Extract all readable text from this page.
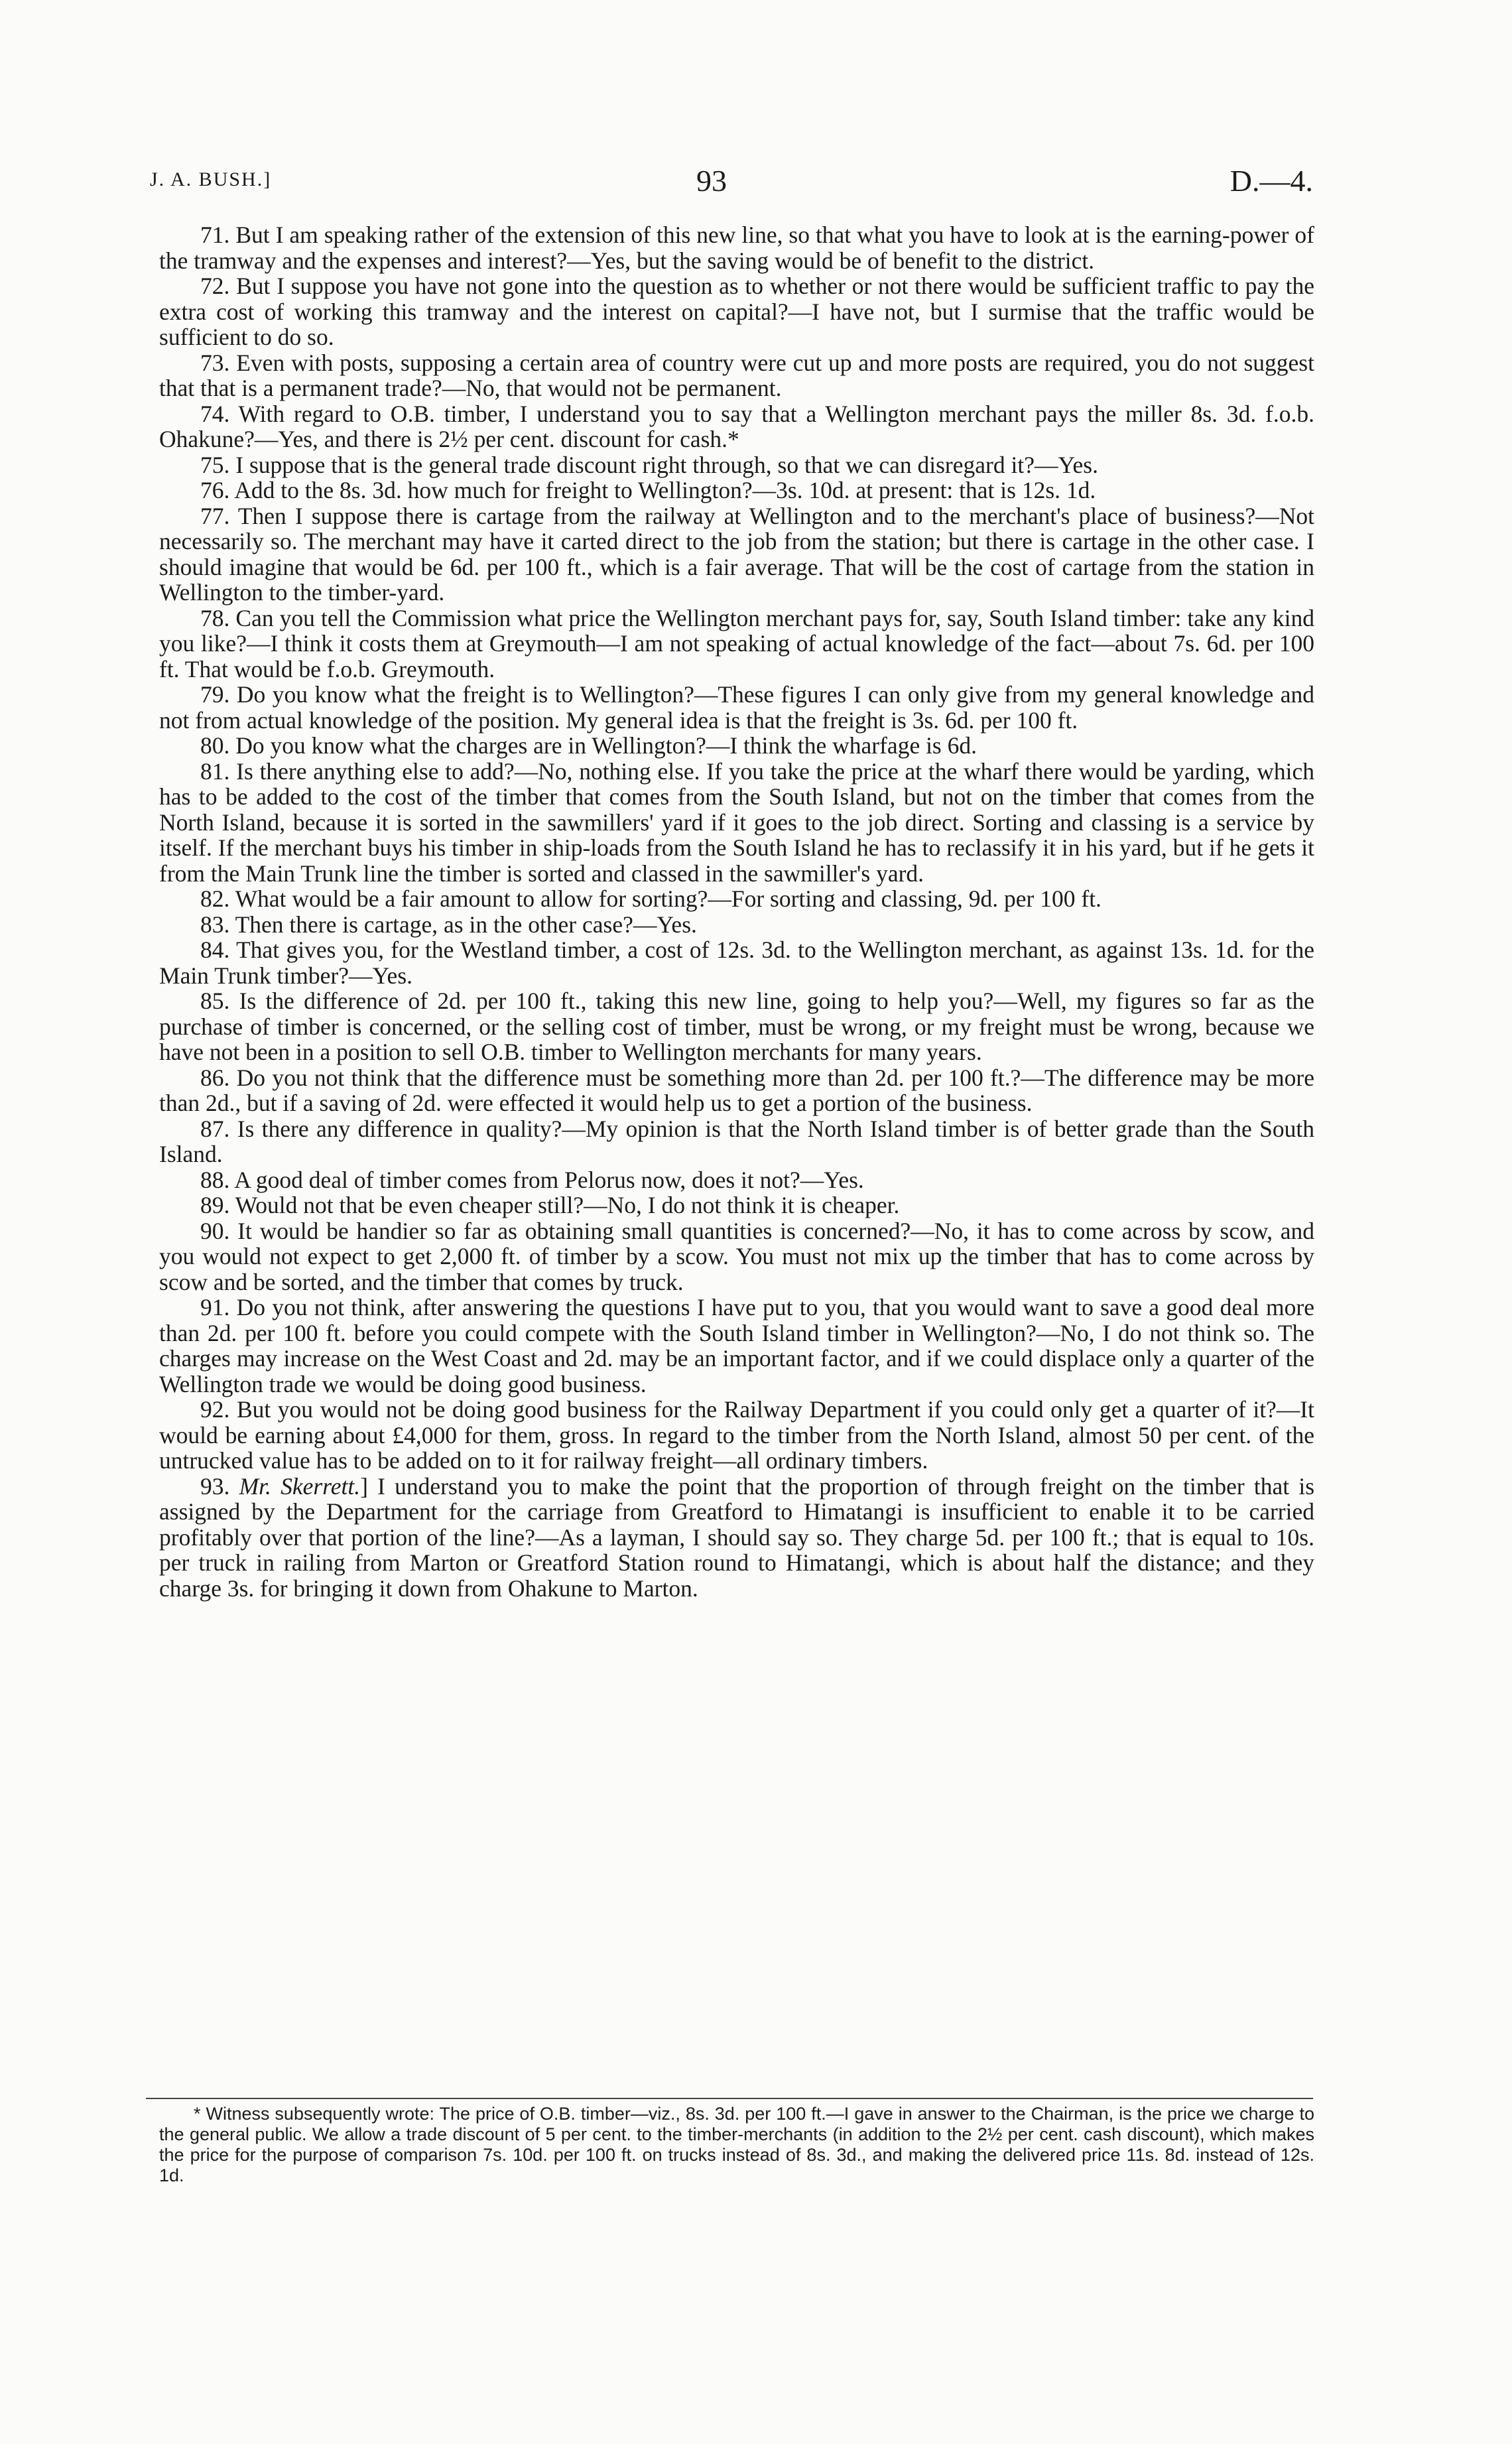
J. A. BUSH.]	93	D.—4.

71. But I am speaking rather of the extension of this new line, so that what you have to look at is the earning-power of the tramway and the expenses and interest?—Yes, but the saving would be of benefit to the district.

72. But I suppose you have not gone into the question as to whether or not there would be sufficient traffic to pay the extra cost of working this tramway and the interest on capital?—I have not, but I surmise that the traffic would be sufficient to do so.

73. Even with posts, supposing a certain area of country were cut up and more posts are required, you do not suggest that that is a permanent trade?—No, that would not be permanent.

74. With regard to O.B. timber, I understand you to say that a Wellington merchant pays the miller 8s. 3d. f.o.b. Ohakune?—Yes, and there is 2½ per cent. discount for cash.*

75. I suppose that is the general trade discount right through, so that we can disregard it?—Yes.

76. Add to the 8s. 3d. how much for freight to Wellington?—3s. 10d. at present: that is 12s. 1d.

77. Then I suppose there is cartage from the railway at Wellington and to the merchant's place of business?—Not necessarily so. The merchant may have it carted direct to the job from the station; but there is cartage in the other case. I should imagine that would be 6d. per 100 ft., which is a fair average. That will be the cost of cartage from the station in Wellington to the timber-yard.

78. Can you tell the Commission what price the Wellington merchant pays for, say, South Island timber: take any kind you like?—I think it costs them at Greymouth—I am not speaking of actual knowledge of the fact—about 7s. 6d. per 100 ft. That would be f.o.b. Greymouth.

79. Do you know what the freight is to Wellington?—These figures I can only give from my general knowledge and not from actual knowledge of the position. My general idea is that the freight is 3s. 6d. per 100 ft.

80. Do you know what the charges are in Wellington?—I think the wharfage is 6d.

81. Is there anything else to add?—No, nothing else. If you take the price at the wharf there would be yarding, which has to be added to the cost of the timber that comes from the South Island, but not on the timber that comes from the North Island, because it is sorted in the sawmillers' yard if it goes to the job direct. Sorting and classing is a service by itself. If the merchant buys his timber in ship-loads from the South Island he has to reclassify it in his yard, but if he gets it from the Main Trunk line the timber is sorted and classed in the sawmiller's yard.

82. What would be a fair amount to allow for sorting?—For sorting and classing, 9d. per 100 ft.

83. Then there is cartage, as in the other case?—Yes.

84. That gives you, for the Westland timber, a cost of 12s. 3d. to the Wellington merchant, as against 13s. 1d. for the Main Trunk timber?—Yes.

85. Is the difference of 2d. per 100 ft., taking this new line, going to help you?—Well, my figures so far as the purchase of timber is concerned, or the selling cost of timber, must be wrong, or my freight must be wrong, because we have not been in a position to sell O.B. timber to Wellington merchants for many years.

86. Do you not think that the difference must be something more than 2d. per 100 ft.?—The difference may be more than 2d., but if a saving of 2d. were effected it would help us to get a portion of the business.

87. Is there any difference in quality?—My opinion is that the North Island timber is of better grade than the South Island.

88. A good deal of timber comes from Pelorus now, does it not?—Yes.

89. Would not that be even cheaper still?—No, I do not think it is cheaper.

90. It would be handier so far as obtaining small quantities is concerned?—No, it has to come across by scow, and you would not expect to get 2,000 ft. of timber by a scow. You must not mix up the timber that has to come across by scow and be sorted, and the timber that comes by truck.

91. Do you not think, after answering the questions I have put to you, that you would want to save a good deal more than 2d. per 100 ft. before you could compete with the South Island timber in Wellington?—No, I do not think so. The charges may increase on the West Coast and 2d. may be an important factor, and if we could displace only a quarter of the Wellington trade we would be doing good business.

92. But you would not be doing good business for the Railway Department if you could only get a quarter of it?—It would be earning about £4,000 for them, gross. In regard to the timber from the North Island, almost 50 per cent. of the untrucked value has to be added on to it for railway freight—all ordinary timbers.

93. Mr. Skerrett.] I understand you to make the point that the proportion of through freight on the timber that is assigned by the Department for the carriage from Greatford to Himatangi is insufficient to enable it to be carried profitably over that portion of the line?—As a layman, I should say so. They charge 5d. per 100 ft.; that is equal to 10s. per truck in railing from Marton or Greatford Station round to Himatangi, which is about half the distance; and they charge 3s. for bringing it down from Ohakune to Marton.

* Witness subsequently wrote: The price of O.B. timber—viz., 8s. 3d. per 100 ft.—I gave in answer to the Chairman, is the price we charge to the general public. We allow a trade discount of 5 per cent. to the timber-merchants (in addition to the 2½ per cent. cash discount), which makes the price for the purpose of comparison 7s. 10d. per 100 ft. on trucks instead of 8s. 3d., and making the delivered price 11s. 8d. instead of 12s. 1d.
